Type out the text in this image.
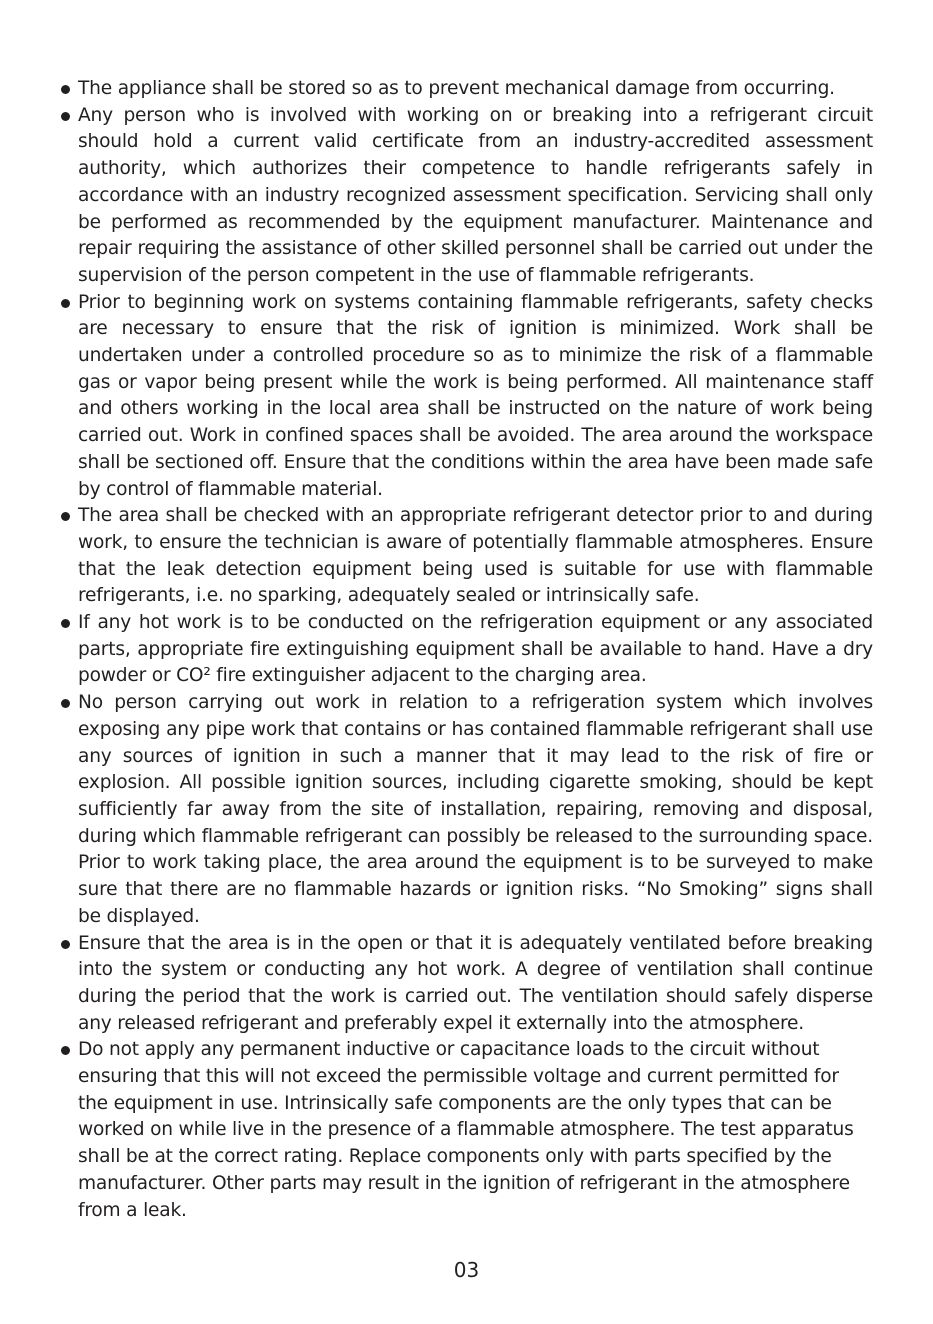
The appliance shall be stored so as to prevent mechanical damage from occurring.
Any person who is involved with working on or breaking into a refrigerant circuit should hold a current valid certificate from an industry-accredited assessment authority, which authorizes their competence to handle refrigerants safely in accordance with an industry recognized assessment specification. Servicing shall only be performed as recommended by the equipment manufacturer. Maintenance and repair requiring the assistance of other skilled personnel shall be carried out under the supervision of the person competent in the use of flammable refrigerants.
Prior to beginning work on systems containing flammable refrigerants, safety checks are necessary to ensure that the risk of ignition is minimized. Work shall be undertaken under a controlled procedure so as to minimize the risk of a flammable gas or vapor being present while the work is being performed. All maintenance staff and others working in the local area shall be instructed on the nature of work being carried out. Work in confined spaces shall be avoided. The area around the workspace shall be sectioned off. Ensure that the conditions within the area have been made safe by control of flammable material.
The area shall be checked with an appropriate refrigerant detector prior to and during work, to ensure the technician is aware of potentially flammable atmospheres. Ensure that the leak detection equipment being used is suitable for use with flammable refrigerants, i.e. no sparking, adequately sealed or intrinsically safe.
If any hot work is to be conducted on the refrigeration equipment or any associated parts, appropriate fire extinguishing equipment shall be available to hand. Have a dry powder or CO² fire extinguisher adjacent to the charging area.
No person carrying out work in relation to a refrigeration system which involves exposing any pipe work that contains or has contained flammable refrigerant shall use any sources of ignition in such a manner that it may lead to the risk of fire or explosion. All possible ignition sources, including cigarette smoking, should be kept sufficiently far away from the site of installation, repairing, removing and disposal, during which flammable refrigerant can possibly be released to the surrounding space. Prior to work taking place, the area around the equipment is to be surveyed to make sure that there are no flammable hazards or ignition risks. “No Smoking” signs shall be displayed.
Ensure that the area is in the open or that it is adequately ventilated before breaking into the system or conducting any hot work. A degree of ventilation shall continue during the period that the work is carried out. The ventilation should safely disperse any released refrigerant and preferably expel it externally into the atmosphere.
Do not apply any permanent inductive or capacitance loads to the circuit without ensuring that this will not exceed the permissible voltage and current permitted for the equipment in use. Intrinsically safe components are the only types that can be worked on while live in the presence of a flammable atmosphere. The test apparatus shall be at the correct rating. Replace components only with parts specified by the manufacturer. Other parts may result in the ignition of refrigerant in the atmosphere from a leak.
03
